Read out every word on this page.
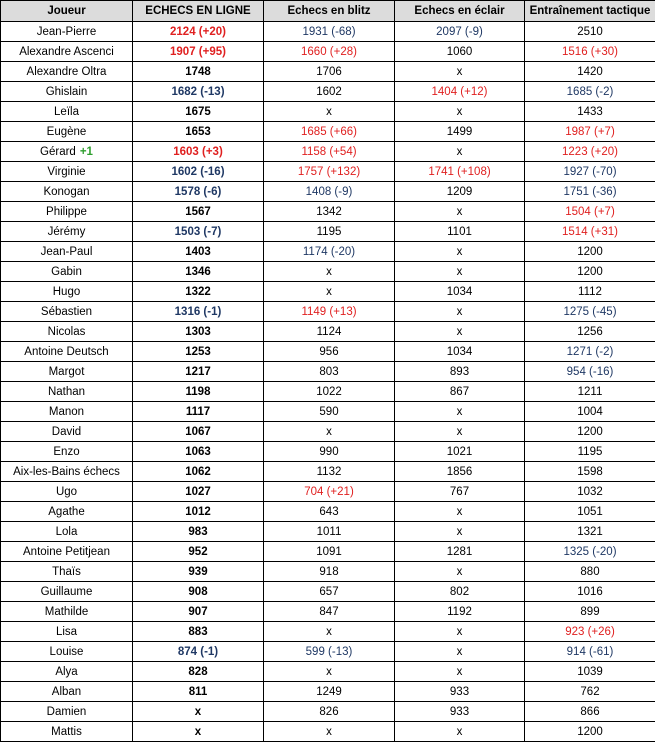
Joueur	ECHECS EN LIGNE	Echecs en blitz	Echecs en éclair	Entraînement tactique
Jean-Pierre	2124 (+20)	1931 (-68)	2097 (-9)	2510
Alexandre Ascenci	1907 (+95)	1660 (+28)	1060	1516 (+30)
Alexandre Oltra	1748	1706	x	1420
Ghislain	1682 (-13)	1602	1404 (+12)	1685 (-2)
Leïla	1675	x	x	1433
Eugène	1653	1685 (+66)	1499	1987 (+7)
Gérard +1	1603 (+3)	1158 (+54)	x	1223 (+20)
Virginie	1602 (-16)	1757 (+132)	1741 (+108)	1927 (-70)
Konogan	1578 (-6)	1408 (-9)	1209	1751 (-36)
Philippe	1567	1342	x	1504 (+7)
Jérémy	1503 (-7)	1195	1101	1514 (+31)
Jean-Paul	1403	1174 (-20)	x	1200
Gabin	1346	x	x	1200
Hugo	1322	x	1034	1112
Sébastien	1316 (-1)	1149 (+13)	x	1275 (-45)
Nicolas	1303	1124	x	1256
Antoine Deutsch	1253	956	1034	1271 (-2)
Margot	1217	803	893	954 (-16)
Nathan	1198	1022	867	1211
Manon	1117	590	x	1004
David	1067	x	x	1200
Enzo	1063	990	1021	1195
Aix-les-Bains échecs	1062	1132	1856	1598
Ugo	1027	704 (+21)	767	1032
Agathe	1012	643	x	1051
Lola	983	1011	x	1321
Antoine Petitjean	952	1091	1281	1325 (-20)
Thaïs	939	918	x	880
Guillaume	908	657	802	1016
Mathilde	907	847	1192	899
Lisa	883	x	x	923 (+26)
Louise	874 (-1)	599 (-13)	x	914 (-61)
Alya	828	x	x	1039
Alban	811	1249	933	762
Damien	x	826	933	866
Mattis	x	x	x	1200
